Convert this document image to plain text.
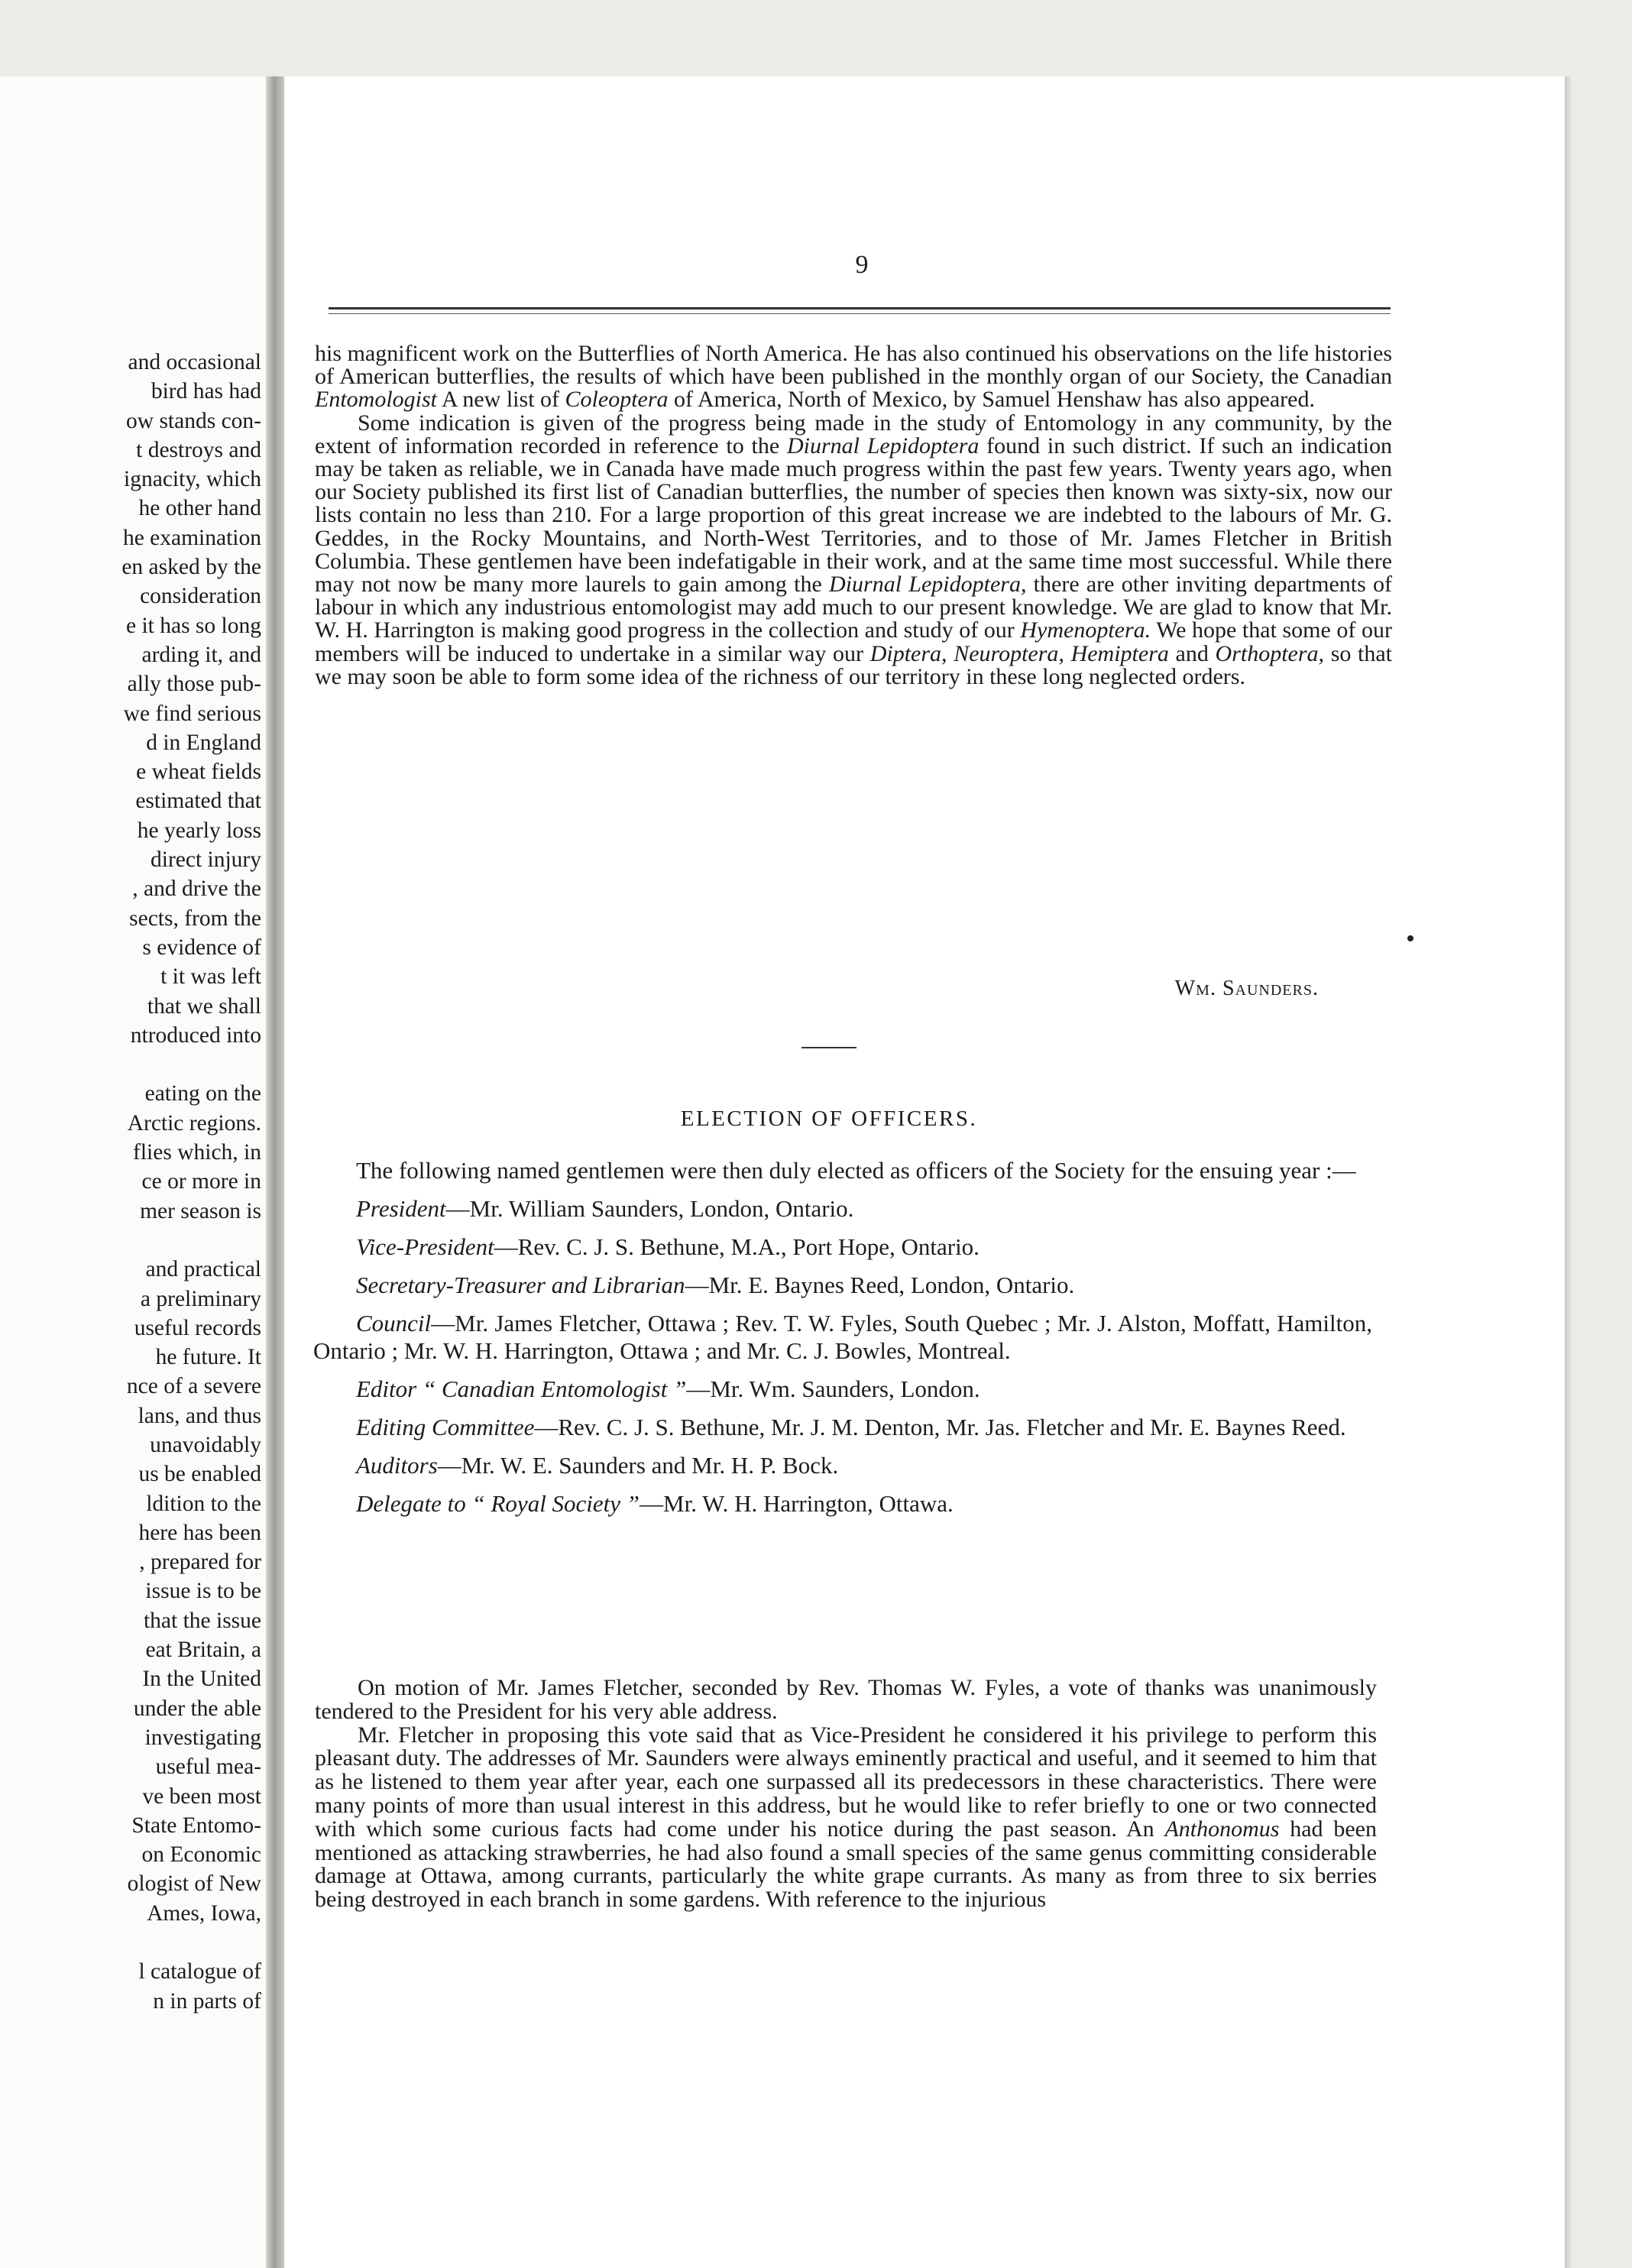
and occasional
bird has had
ow stands con-
t destroys and
ignacity, which
he other hand
he examination
en asked by the
consideration
e it has so long
arding it, and
ally those pub-
we find serious
d in England
e wheat fields
estimated that
he yearly loss
direct injury
, and drive the
sects, from the
s evidence of
t it was left
that we shall
ntroduced into
eating on the
Arctic regions.
flies which, in
ce or more in
mer season is
and practical
a preliminary
useful records
he future. It
nce of a severe
lans, and thus
unavoidably
us be enabled
ldition to the
here has been
, prepared for
issue is to be
that the issue
eat Britain, a
In the United
under the able
investigating
useful mea-
ve been most
State Entomo-
on Economic
ologist of New
Ames, Iowa,
l catalogue of
n in parts of
9

his magnificent work on the Butterflies of North America. He has also continued his observations on the life histories of American butterflies, the results of which have been published in the monthly organ of our Society, the Canadian Entomologist A new list of Coleoptera of America, North of Mexico, by Samuel Henshaw has also appeared.

Some indication is given of the progress being made in the study of Entomology in any community, by the extent of information recorded in reference to the Diurnal Lepidoptera found in such district. If such an indication may be taken as reliable, we in Canada have made much progress within the past few years. Twenty years ago, when our Society published its first list of Canadian butterflies, the number of species then known was sixty-six, now our lists contain no less than 210. For a large proportion of this great increase we are indebted to the labours of Mr. G. Geddes, in the Rocky Mountains, and North-West Territories, and to those of Mr. James Fletcher in British Columbia. These gentlemen have been indefatigable in their work, and at the same time most successful. While there may not now be many more laurels to gain among the Diurnal Lepidoptera, there are other inviting departments of labour in which any industrious entomologist may add much to our present knowledge. We are glad to know that Mr. W. H. Harrington is making good progress in the collection and study of our Hymenoptera. We hope that some of our members will be induced to undertake in a similar way our Diptera, Neuroptera, Hemiptera and Orthoptera, so that we may soon be able to form some idea of the richness of our territory in these long neglected orders.

Wm. Saunders.
ELECTION OF OFFICERS.

The following named gentlemen were then duly elected as officers of the Society for the ensuing year :—

President—Mr. William Saunders, London, Ontario.

Vice-President—Rev. C. J. S. Bethune, M.A., Port Hope, Ontario.

Secretary-Treasurer and Librarian—Mr. E. Baynes Reed, London, Ontario.

Council—Mr. James Fletcher, Ottawa ; Rev. T. W. Fyles, South Quebec ; Mr. J. Alston, Moffatt, Hamilton, Ontario ; Mr. W. H. Harrington, Ottawa ; and Mr. C. J. Bowles, Montreal.

Editor “ Canadian Entomologist ”—Mr. Wm. Saunders, London.

Editing Committee—Rev. C. J. S. Bethune, Mr. J. M. Denton, Mr. Jas. Fletcher and Mr. E. Baynes Reed.

Auditors—Mr. W. E. Saunders and Mr. H. P. Bock.

Delegate to “ Royal Society ”—Mr. W. H. Harrington, Ottawa.

On motion of Mr. James Fletcher, seconded by Rev. Thomas W. Fyles, a vote of thanks was unanimously tendered to the President for his very able address.

Mr. Fletcher in proposing this vote said that as Vice-President he considered it his privilege to perform this pleasant duty. The addresses of Mr. Saunders were always eminently practical and useful, and it seemed to him that as he listened to them year after year, each one surpassed all its predecessors in these characteristics. There were many points of more than usual interest in this address, but he would like to refer briefly to one or two connected with which some curious facts had come under his notice during the past season. An Anthonomus had been mentioned as attacking strawberries, he had also found a small species of the same genus committing considerable damage at Ottawa, among currants, particularly the white grape currants. As many as from three to six berries being destroyed in each branch in some gardens. With reference to the injurious
